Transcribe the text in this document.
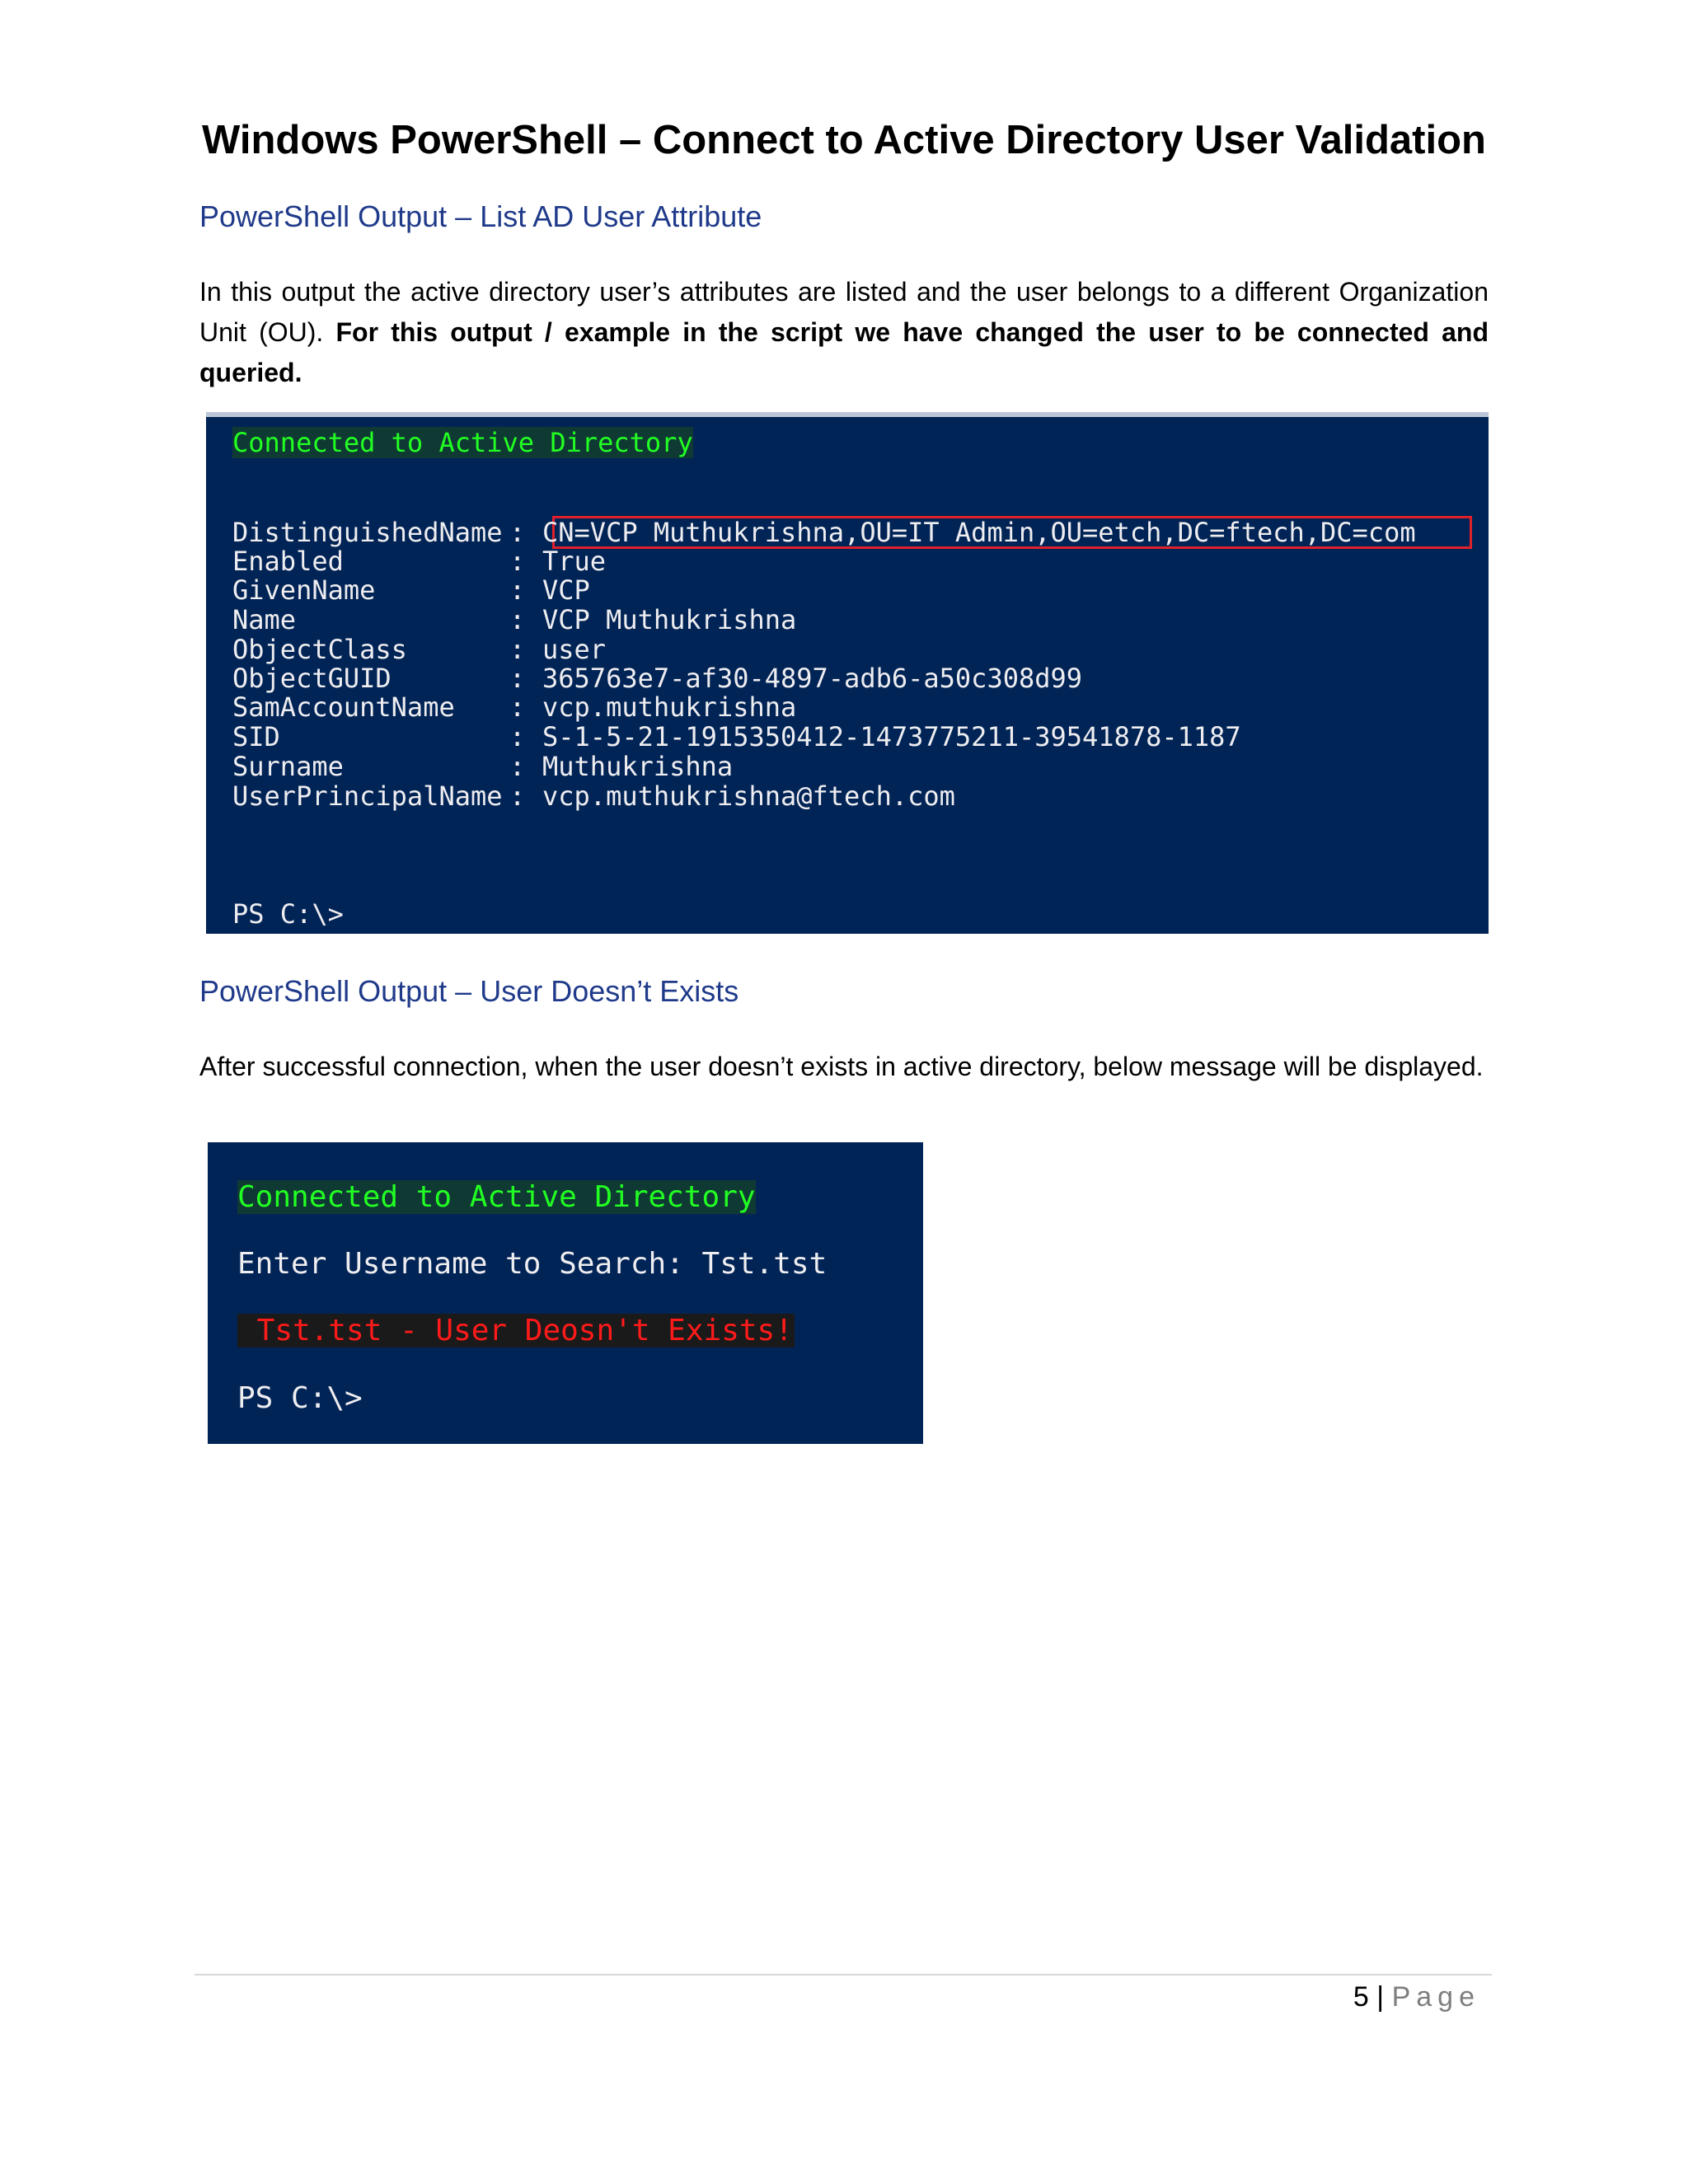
Windows PowerShell – Connect to Active Directory User Validation
PowerShell Output – List AD User Attribute

In this output the active directory user’s attributes are listed and the user belongs to a different Organization Unit (OU). For this output / example in the script we have changed the user to be connected and queried.

Connected to Active Directory
DistinguishedName : CN=VCP Muthukrishna,OU=IT Admin,OU=etch,DC=ftech,DC=com
Enabled	: True
GivenName	: VCP
Name	: VCP Muthukrishna
ObjectClass	: user
ObjectGUID	: 365763e7-af30-4897-adb6-a50c308d99
SamAccountName : vcp.muthukrishna
SID	: S-1-5-21-1915350412-1473775211-39541878-1187
Surname	: Muthukrishna
UserPrincipalName : vcp.muthukrishna@ftech.com
PS C:\>
PowerShell Output – User Doesn’t Exists

After successful connection, when the user doesn’t exists in active directory, below message will be displayed.

Connected to Active Directory
Enter Username to Search: Tst.tst
Tst.tst - User Deosn't Exists!
PS C:\>
5 | Page
